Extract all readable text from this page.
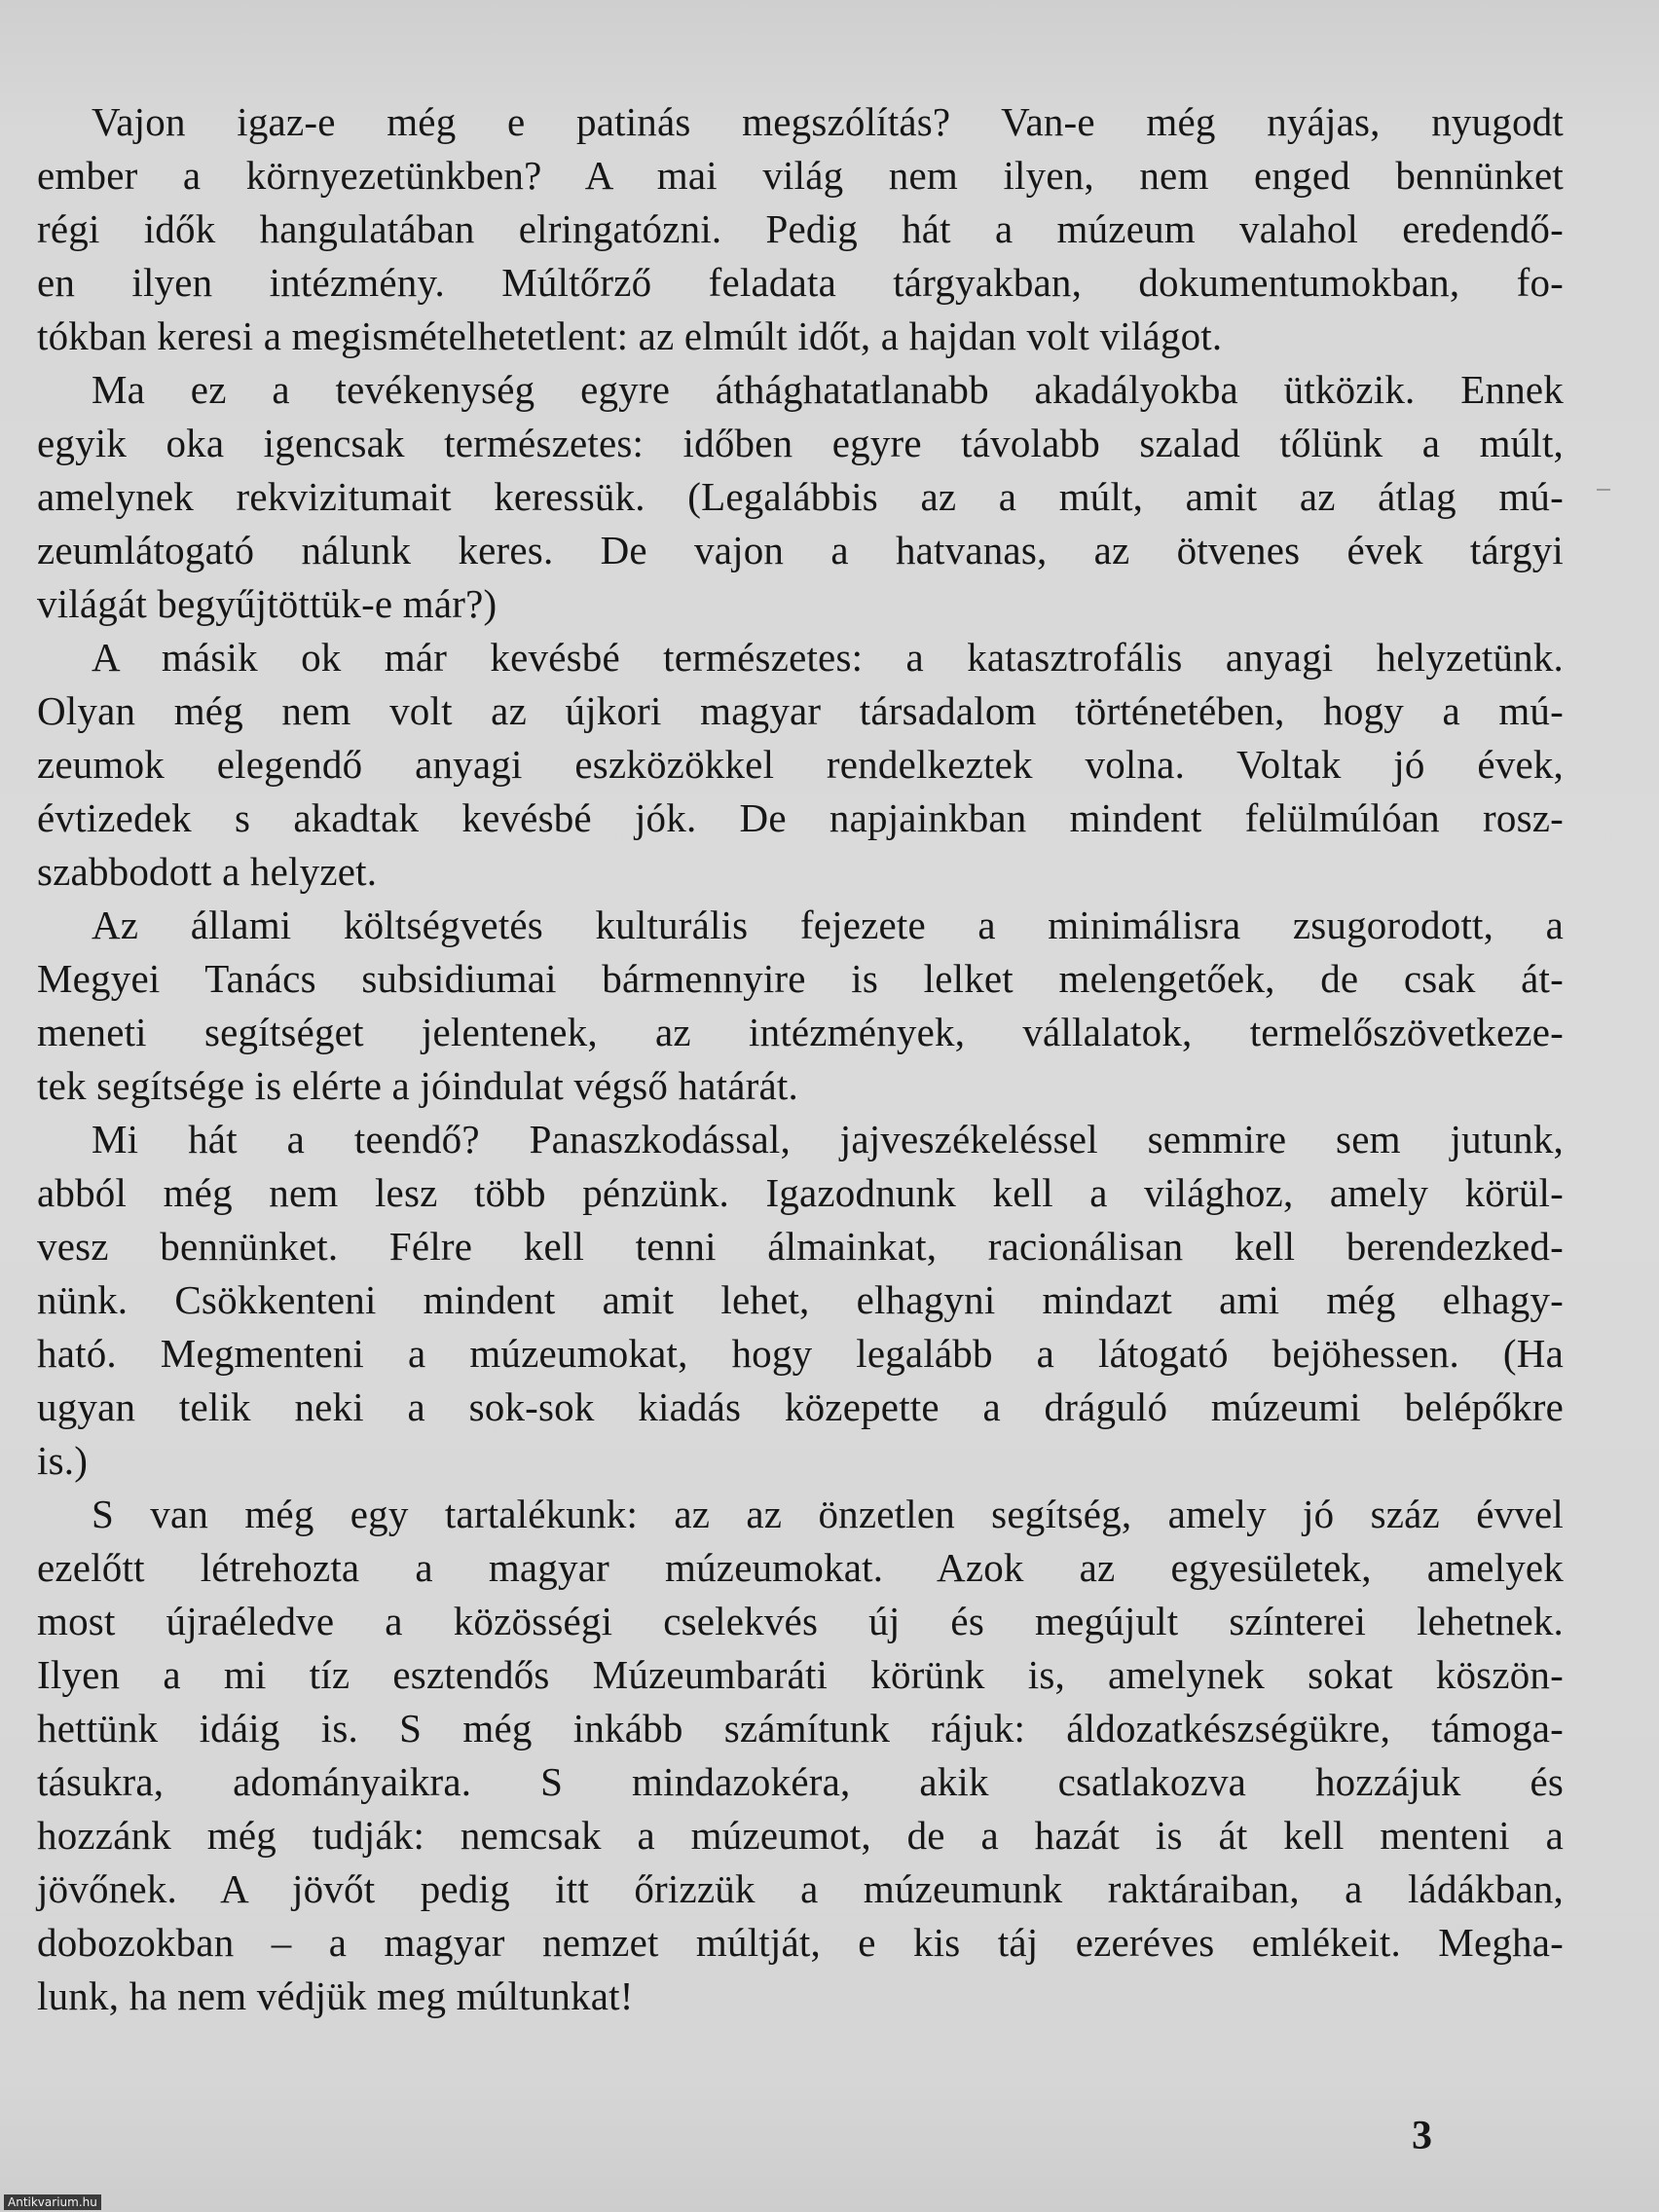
Vajon igaz-e még e patinás megszólítás? Van-e még nyájas, nyugodt
ember a környezetünkben? A mai világ nem ilyen, nem enged bennünket
régi idők hangulatában elringatózni. Pedig hát a múzeum valahol eredendő-
en ilyen intézmény. Múltőrző feladata tárgyakban, dokumentumokban, fo-
tókban keresi a megismételhetetlent: az elmúlt időt, a hajdan volt világot.
Ma ez a tevékenység egyre áthághatatlanabb akadályokba ütközik. Ennek
egyik oka igencsak természetes: időben egyre távolabb szalad tőlünk a múlt,
amelynek rekvizitumait keressük. (Legalábbis az a múlt, amit az átlag mú-
zeumlátogató nálunk keres. De vajon a hatvanas, az ötvenes évek tárgyi
világát begyűjtöttük-e már?)
A másik ok már kevésbé természetes: a katasztrofális anyagi helyzetünk.
Olyan még nem volt az újkori magyar társadalom történetében, hogy a mú-
zeumok elegendő anyagi eszközökkel rendelkeztek volna. Voltak jó évek,
évtizedek s akadtak kevésbé jók. De napjainkban mindent felülmúlóan rosz-
szabbodott a helyzet.
Az állami költségvetés kulturális fejezete a minimálisra zsugorodott, a
Megyei Tanács subsidiumai bármennyire is lelket melengetőek, de csak át-
meneti segítséget jelentenek, az intézmények, vállalatok, termelőszövetkeze-
tek segítsége is elérte a jóindulat végső határát.
Mi hát a teendő? Panaszkodással, jajveszékeléssel semmire sem jutunk,
abból még nem lesz több pénzünk. Igazodnunk kell a világhoz, amely körül-
vesz bennünket. Félre kell tenni álmainkat, racionálisan kell berendezked-
nünk. Csökkenteni mindent amit lehet, elhagyni mindazt ami még elhagy-
ható. Megmenteni a múzeumokat, hogy legalább a látogató bejöhessen. (Ha
ugyan telik neki a sok-sok kiadás közepette a dráguló múzeumi belépőkre
is.)
S van még egy tartalékunk: az az önzetlen segítség, amely jó száz évvel
ezelőtt létrehozta a magyar múzeumokat. Azok az egyesületek, amelyek
most újraéledve a közösségi cselekvés új és megújult színterei lehetnek.
Ilyen a mi tíz esztendős Múzeumbaráti körünk is, amelynek sokat köszön-
hettünk idáig is. S még inkább számítunk rájuk: áldozatkészségükre, támoga-
tásukra, adományaikra. S mindazokéra, akik csatlakozva hozzájuk és
hozzánk még tudják: nemcsak a múzeumot, de a hazát is át kell menteni a
jövőnek. A jövőt pedig itt őrizzük a múzeumunk raktáraiban, a ládákban,
dobozokban – a magyar nemzet múltját, e kis táj ezeréves emlékeit. Megha-
lunk, ha nem védjük meg múltunkat!
3
Antikvarium.hu
